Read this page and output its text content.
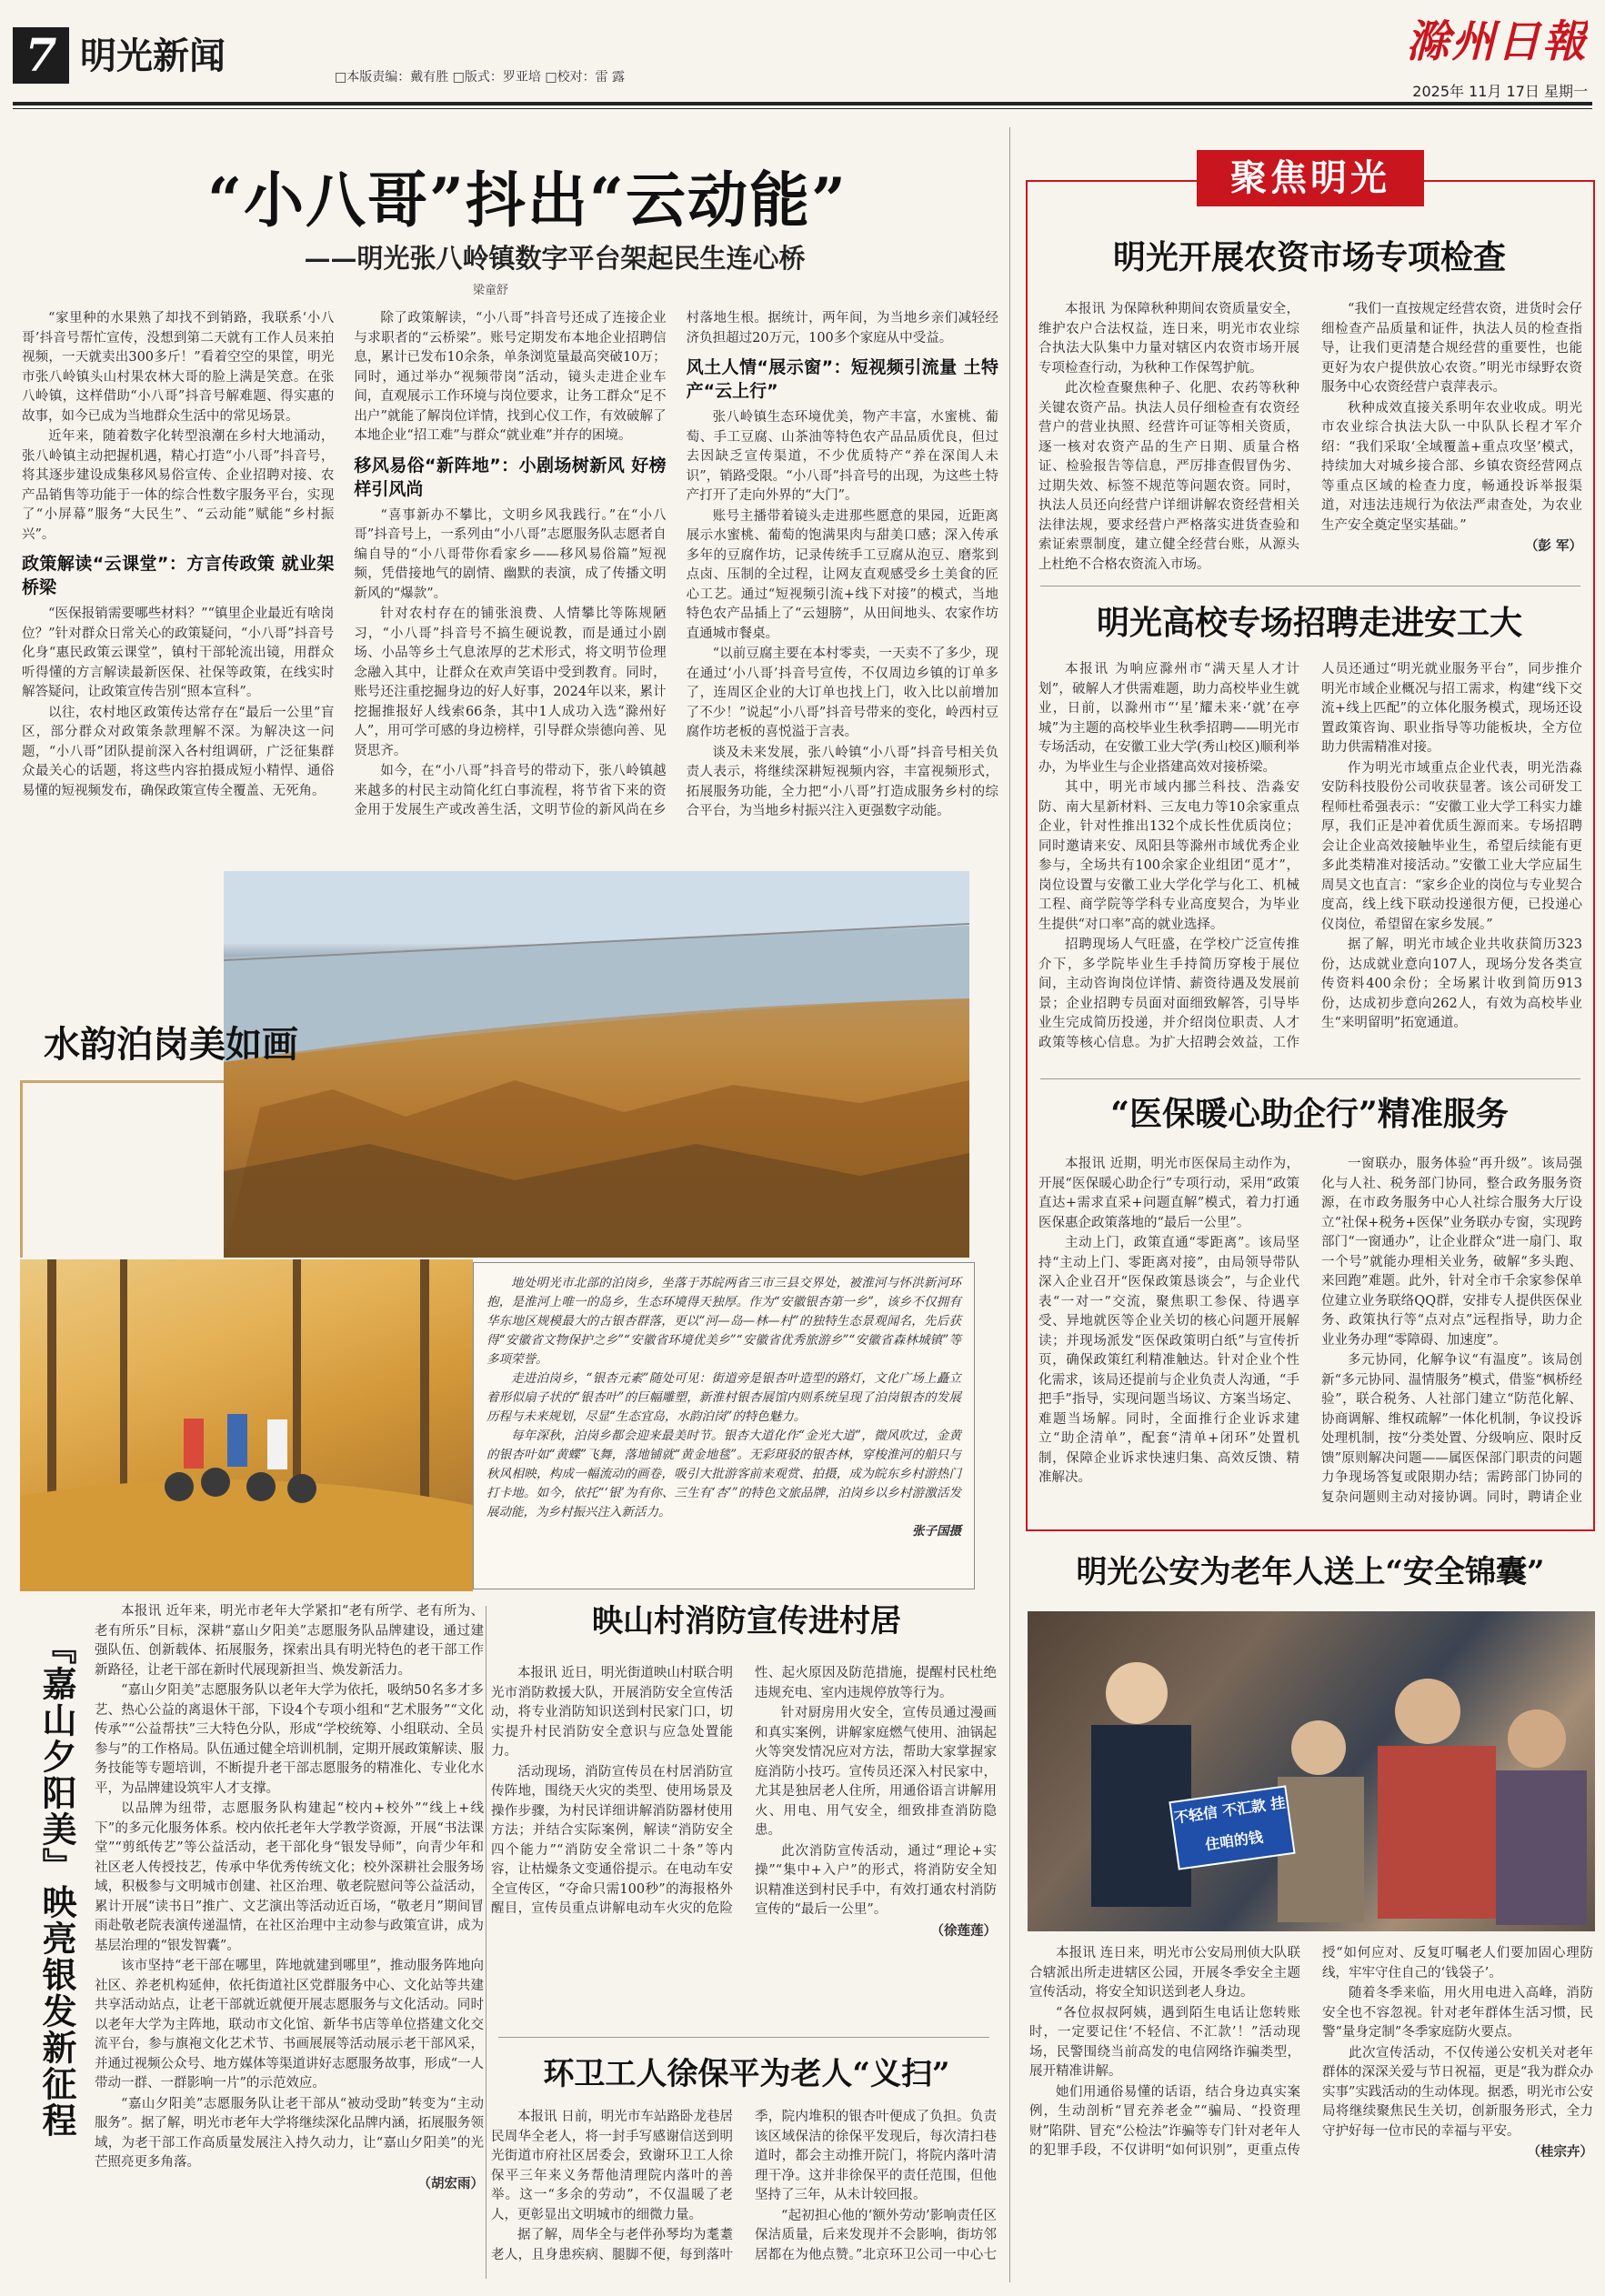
7 明光新闻	□本版责编：戴有胜 □版式：罗亚培 □校对：雷 露
滁州日報
2025年 11月 17日 星期一
“小八哥”抖出“云动能”
——明光张八岭镇数字平台架起民生连心桥
梁童舒

“家里种的水果熟了却找不到销路，我联系‘小八哥’抖音号帮忙宣传，没想到第二天就有工作人员来拍视频，一天就卖出300多斤！”看着空空的果筐，明光市张八岭镇头山村果农林大哥的脸上满是笑意。在张八岭镇，这样借助“小八哥”抖音号解难题、得实惠的故事，如今已成为当地群众生活中的常见场景。

近年来，随着数字化转型浪潮在乡村大地涌动，张八岭镇主动把握机遇，精心打造“小八哥”抖音号，将其逐步建设成集移风易俗宣传、企业招聘对接、农产品销售等功能于一体的综合性数字服务平台，实现了“小屏幕”服务“大民生”、“云动能”赋能“乡村振兴”。

政策解读“云课堂”：方言传政策 就业架桥梁

“医保报销需要哪些材料？”“镇里企业最近有啥岗位？”针对群众日常关心的政策疑问，“小八哥”抖音号化身“惠民政策云课堂”，镇村干部轮流出镜，用群众听得懂的方言解读最新医保、社保等政策，在线实时解答疑问，让政策宣传告别“照本宣科”。

以往，农村地区政策传达常存在“最后一公里”盲区，部分群众对政策条款理解不深。为解决这一问题，“小八哥”团队提前深入各村组调研，广泛征集群众最关心的话题，将这些内容拍摄成短小精悍、通俗易懂的短视频发布，确保政策宣传全覆盖、无死角。

除了政策解读，“小八哥”抖音号还成了连接企业与求职者的“云桥梁”。账号定期发布本地企业招聘信息，累计已发布10余条，单条浏览量最高突破10万；同时，通过举办“视频带岗”活动，镜头走进企业车间，直观展示工作环境与岗位要求，让务工群众“足不出户”就能了解岗位详情，找到心仪工作，有效破解了本地企业“招工难”与群众“就业难”并存的困境。

移风易俗“新阵地”：小剧场树新风 好榜样引风尚

“喜事新办不攀比，文明乡风我践行。”在“小八哥”抖音号上，一系列由“小八哥”志愿服务队志愿者自编自导的“小八哥带你看家乡——移风易俗篇”短视频，凭借接地气的剧情、幽默的表演，成了传播文明新风的“爆款”。

针对农村存在的铺张浪费、人情攀比等陈规陋习，“小八哥”抖音号不搞生硬说教，而是通过小剧场、小品等乡土气息浓厚的艺术形式，将文明节俭理念融入其中，让群众在欢声笑语中受到教育。同时，账号还注重挖掘身边的好人好事，2024年以来，累计挖掘推报好人线索66条，其中1人成功入选“滁州好人”，用可学可感的身边榜样，引导群众崇德向善、见贤思齐。

如今，在“小八哥”抖音号的带动下，张八岭镇越来越多的村民主动简化红白事流程，将节省下来的资金用于发展生产或改善生活，文明节俭的新风尚在乡村落地生根。据统计，两年间，为当地乡亲们减轻经济负担超过20万元，100多个家庭从中受益。

风土人情“展示窗”：短视频引流量 土特产“云上行”

张八岭镇生态环境优美，物产丰富，水蜜桃、葡萄、手工豆腐、山茶油等特色农产品品质优良，但过去因缺乏宣传渠道，不少优质特产“养在深闺人未识”，销路受限。“小八哥”抖音号的出现，为这些土特产打开了走向外界的“大门”。

账号主播带着镜头走进那些愿意的果园，近距离展示水蜜桃、葡萄的饱满果肉与甜美口感；深入传承多年的豆腐作坊，记录传统手工豆腐从泡豆、磨浆到点卤、压制的全过程，让网友直观感受乡土美食的匠心工艺。通过“短视频引流+线下对接”的模式，当地特色农产品插上了“云翅膀”，从田间地头、农家作坊直通城市餐桌。

“以前豆腐主要在本村零卖，一天卖不了多少，现在通过‘小八哥’抖音号宣传，不仅周边乡镇的订单多了，连周区企业的大订单也找上门，收入比以前增加了不少！”说起“小八哥”抖音号带来的变化，岭西村豆腐作坊老板的喜悦溢于言表。

谈及未来发展，张八岭镇“小八哥”抖音号相关负责人表示，将继续深耕短视频内容，丰富视频形式，拓展服务功能，全力把“小八哥”打造成服务乡村的综合平台，为当地乡村振兴注入更强数字动能。

水韵泊岗美如画

地处明光市北部的泊岗乡，坐落于苏皖两省三市三县交界处，被淮河与怀洪新河环抱，是淮河上唯一的岛乡，生态环境得天独厚。作为“安徽银杏第一乡”，该乡不仅拥有华东地区规模最大的古银杏群落，更以“河—岛—林—村”的独特生态景观闻名，先后获得“安徽省文物保护之乡”“安徽省环境优美乡”“安徽省优秀旅游乡”“安徽省森林城镇”等多项荣誉。

走进泊岗乡，“银杏元素”随处可见：街道旁是银杏叶造型的路灯，文化广场上矗立着形似扇子状的“银杏叶”的巨幅雕塑，新淮村银杏展馆内则系统呈现了泊岗银杏的发展历程与未来规划，尽显“生态宜岛，水韵泊岗”的特色魅力。

每年深秋，泊岗乡都会迎来最美时节。银杏大道化作“金光大道”，微风吹过，金黄的银杏叶如“黄蝶”飞舞，落地铺就“黄金地毯”。无彩斑驳的银杏林，穿梭淮河的船只与秋风相映，构成一幅流动的画卷，吸引大批游客前来观赏、拍摄，成为皖东乡村游热门打卡地。如今，依托“‘银’为有你、三生有‘杏’”的特色文旅品牌，泊岗乡以乡村游激活发展动能，为乡村振兴注入新活力。

张子国摄
『嘉山夕阳美』映亮银发新征程

本报讯 近年来，明光市老年大学紧扣“老有所学、老有所为、老有所乐”目标，深耕“嘉山夕阳美”志愿服务队品牌建设，通过建强队伍、创新载体、拓展服务，探索出具有明光特色的老干部工作新路径，让老干部在新时代展现新担当、焕发新活力。

“嘉山夕阳美”志愿服务队以老年大学为依托，吸纳50名多才多艺、热心公益的离退休干部，下设4个专项小组和“艺术服务”“文化传承”“公益帮扶”三大特色分队，形成“学校统筹、小组联动、全员参与”的工作格局。队伍通过健全培训机制，定期开展政策解读、服务技能等专题培训，不断提升老干部志愿服务的精准化、专业化水平，为品牌建设筑牢人才支撑。

以品牌为纽带，志愿服务队构建起“校内+校外”“线上+线下”的多元化服务体系。校内依托老年大学教学资源，开展“书法课堂”“剪纸传艺”等公益活动，老干部化身“银发导师”，向青少年和社区老人传授技艺，传承中华优秀传统文化；校外深耕社会服务场域，积极参与文明城市创建、社区治理、敬老院慰问等公益活动，累计开展“读书日”推广、文艺演出等活动近百场，“敬老月”期间冒雨赴敬老院表演传递温情，在社区治理中主动参与政策宣讲，成为基层治理的“银发智囊”。

该市坚持“老干部在哪里，阵地就建到哪里”，推动服务阵地向社区、养老机构延伸，依托街道社区党群服务中心、文化站等共建共享活动站点，让老干部就近就便开展志愿服务与文化活动。同时以老年大学为主阵地，联动市文化馆、新华书店等单位搭建文化交流平台，参与旗袍文化艺术节、书画展展等活动展示老干部风采，并通过视频公众号、地方媒体等渠道讲好志愿服务故事，形成“一人带动一群、一群影响一片”的示范效应。

“嘉山夕阳美”志愿服务队让老干部从“被动受助”转变为“主动服务”。据了解，明光市老年大学将继续深化品牌内涵，拓展服务领域，为老干部工作高质量发展注入持久动力，让“嘉山夕阳美”的光芒照亮更多角落。

（胡宏雨）
映山村消防宣传进村居

本报讯 近日，明光街道映山村联合明光市消防救援大队，开展消防安全宣传活动，将专业消防知识送到村民家门口，切实提升村民消防安全意识与应急处置能力。

活动现场，消防宣传员在村居消防宣传阵地，围绕天火灾的类型、使用场景及操作步骤，为村民详细讲解消防器材使用方法；并结合实际案例，解读“消防安全四个能力”“消防安全常识二十条”等内容，让枯燥条文变通俗提示。在电动车安全宣传区，“夺命只需100秒”的海报格外醒目，宣传员重点讲解电动车火灾的危险性、起火原因及防范措施，提醒村民杜绝违规充电、室内违规停放等行为。

针对厨房用火安全，宣传员通过漫画和真实案例，讲解家庭燃气使用、油锅起火等突发情况应对方法，帮助大家掌握家庭消防小技巧。宣传员还深入村民家中，尤其是独居老人住所，用通俗语言讲解用火、用电、用气安全，细致排查消防隐患。

此次消防宣传活动，通过“理论+实操”“集中+入户”的形式，将消防安全知识精准送到村民手中，有效打通农村消防宣传的“最后一公里”。

（徐莲莲）
环卫工人徐保平为老人“义扫”

本报讯 日前，明光市车站路卧龙巷居民周华全老人，将一封手写感谢信送到明光街道市府社区居委会，致谢环卫工人徐保平三年来义务帮他清理院内落叶的善举。这一“多余的劳动”，不仅温暖了老人，更彰显出文明城市的细微力量。

据了解，周华全与老伴孙琴均为耄耋老人，且身患疾病、腿脚不便，每到落叶季，院内堆积的银杏叶便成了负担。负责该区域保洁的徐保平发现后，每次清扫巷道时，都会主动推开院门，将院内落叶清理干净。这并非徐保平的责任范围，但他坚持了三年，从未计较回报。

“起初担心他的‘额外劳动’影响责任区保洁质量，后来发现并不会影响，街坊邻居都在为他点赞。”北京环卫公司一中心七

聚焦明光
明光开展农资市场专项检查

本报讯 为保障秋种期间农资质量安全，维护农户合法权益，连日来，明光市农业综合执法大队集中力量对辖区内农资市场开展专项检查行动，为秋种工作保驾护航。

此次检查聚焦种子、化肥、农药等秋种关键农资产品。执法人员仔细检查有农资经营户的营业执照、经营许可证等相关资质，逐一核对农资产品的生产日期、质量合格证、检验报告等信息，严厉排查假冒伪劣、过期失效、标签不规范等问题农资。同时，执法人员还向经营户详细讲解农资经营相关法律法规，要求经营户严格落实进货查验和索证索票制度，建立健全经营台账，从源头上杜绝不合格农资流入市场。

“我们一直按规定经营农资，进货时会仔细检查产品质量和证件，执法人员的检查指导，让我们更清楚合规经营的重要性，也能更好为农户提供放心农资。”明光市绿野农资服务中心农资经营户袁萍表示。

秋种成效直接关系明年农业收成。明光市农业综合执法大队一中队队长程才军介绍：“我们采取‘全域覆盖+重点攻坚’模式，持续加大对城乡接合部、乡镇农资经营网点等重点区域的检查力度，畅通投诉举报渠道，对违法违规行为依法严肃查处，为农业生产安全奠定坚实基础。”

（彭 军）
明光高校专场招聘走进安工大

本报讯 为响应滁州市“满天星人才计划”，破解人才供需难题，助力高校毕业生就业，日前，以滁州市“‘星’耀未来·‘就’在亭城”为主题的高校毕业生秋季招聘——明光市专场活动，在安徽工业大学(秀山校区)顺利举办，为毕业生与企业搭建高效对接桥梁。

其中，明光市域内挪兰科技、浩淼安防、南大星新材料、三友电力等10余家重点企业，针对性推出132个成长性优质岗位；同时邀请来安、凤阳县等滁州市域优秀企业参与，全场共有100余家企业组团“觅才”，岗位设置与安徽工业大学化学与化工、机械工程、商学院等学科专业高度契合，为毕业生提供“对口率”高的就业选择。

招聘现场人气旺盛，在学校广泛宣传推介下，多学院毕业生手持简历穿梭于展位间，主动咨询岗位详情、薪资待遇及发展前景；企业招聘专员面对面细致解答，引导毕业生完成简历投递，并介绍岗位职责、人才政策等核心信息。为扩大招聘会效益，工作人员还通过“明光就业服务平台”，同步推介明光市域企业概况与招工需求，构建“线下交流+线上匹配”的立体化服务模式，现场还设置政策咨询、职业指导等功能板块，全方位助力供需精准对接。

作为明光市域重点企业代表，明光浩淼安防科技股份公司收获显著。该公司研发工程师杜希强表示：“安徽工业大学工科实力雄厚，我们正是冲着优质生源而来。专场招聘会让企业高效接触毕业生，希望后续能有更多此类精准对接活动。”安徽工业大学应届生周昊文也直言：“家乡企业的岗位与专业契合度高，线上线下联动投递很方便，已投递心仪岗位，希望留在家乡发展。”

据了解，明光市域企业共收获简历323份，达成就业意向107人，现场分发各类宣传资料400余份；全场累计收到简历913份，达成初步意向262人，有效为高校毕业生“来明留明”拓宽通道。

“医保暖心助企行”精准服务

本报讯 近期，明光市医保局主动作为，开展“医保暖心助企行”专项行动，采用“政策直达+需求直采+问题直解”模式，着力打通医保惠企政策落地的“最后一公里”。

主动上门，政策直通“零距离”。该局坚持“主动上门、零距离对接”，由局领导带队深入企业召开“医保政策恳谈会”，与企业代表“一对一”交流，聚焦职工参保、待遇享受、异地就医等企业关切的核心问题开展解读；并现场派发“医保政策明白纸”与宣传折页，确保政策红利精准触达。针对企业个性化需求，该局还提前与企业负责人沟通，“手把手”指导，实现问题当场议、方案当场定、难题当场解。同时，全面推行企业诉求建立“助企清单”，配套“清单+闭环”处置机制，保障企业诉求快速归集、高效反馈、精准解决。

一窗联办，服务体验“再升级”。该局强化与人社、税务部门协同，整合政务服务资源，在市政务服务中心人社综合服务大厅设立“社保+税务+医保”业务联办专窗，实现跨部门“一窗通办”，让企业群众“进一扇门、取一个号”就能办理相关业务，破解“多头跑、来回跑”难题。此外，针对全市千余家参保单位建立业务联络QQ群，安排专人提供医保业务、政策执行等“点对点”远程指导，助力企业业务办理“零障碍、加速度”。

多元协同，化解争议“有温度”。该局创新“多元协同、温情服务”模式，借鉴“枫桥经验”，联合税务、人社部门建立“防范化解、协商调解、维权疏解”一体化机制，争议投诉处理机制，按“分类处置、分级响应、限时反馈”原则解决问题——属医保部门职责的问题力争现场答复或限期办结；需跨部门协同的复杂问题则主动对接协调。同时，聘请企业

明光公安为老年人送上“安全锦囊”
不轻信 不汇款 挂住咱的钱

本报讯 连日来，明光市公安局刑侦大队联合辖派出所走进辖区公园，开展冬季安全主题宣传活动，将安全知识送到老人身边。

“各位叔叔阿姨，遇到陌生电话让您转账时，一定要记住‘不轻信、不汇款’！”活动现场，民警围绕当前高发的电信网络诈骗类型，展开精准讲解。

她们用通俗易懂的话语，结合身边真实案例，生动剖析“冒充养老金”“骗局、“投资理财”陷阱、冒充“公检法”诈骗等专门针对老年人的犯罪手段，不仅讲明“如何识别”，更重点传授“如何应对、反复叮嘱老人们要加固心理防线，牢牢守住自己的‘钱袋子’。

随着冬季来临，用火用电进入高峰，消防安全也不容忽视。针对老年群体生活习惯，民警“量身定制”冬季家庭防火要点。

此次宣传活动，不仅传递公安机关对老年群体的深深关爱与节日祝福，更是“我为群众办实事”实践活动的生动体现。据悉，明光市公安局将继续聚焦民生关切，创新服务形式，全力守护好每一位市民的幸福与平安。

（桂宗卉）
